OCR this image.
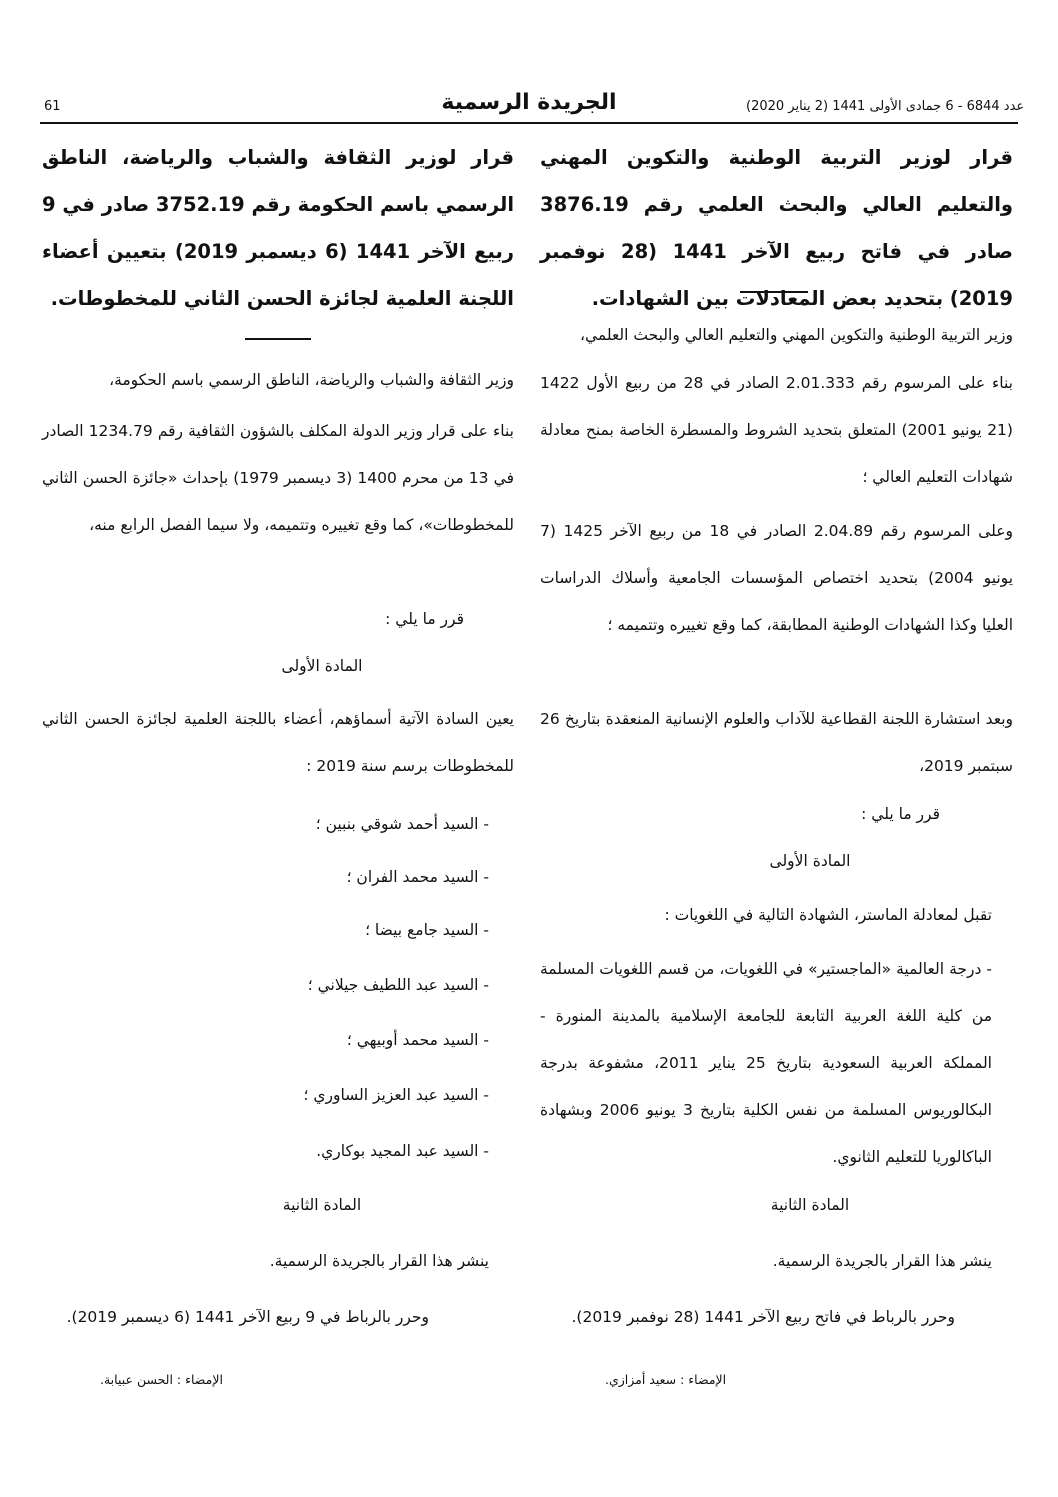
عدد 6844 - 6 جمادى الأولى 1441 (2 يناير 2020)
الجريدة الرسمية
61
قرار لوزير التربية الوطنية والتكوين المهني والتعليم العالي والبحث العلمي رقم 3876.19 صادر في فاتح ربيع الآخر 1441 (28 نوفمبر 2019) بتحديد بعض المعادلات بين الشهادات.
وزير التربية الوطنية والتكوين المهني والتعليم العالي والبحث العلمي،
بناء على المرسوم رقم 2.01.333 الصادر في 28 من ربيع الأول 1422 (21 يونيو 2001) المتعلق بتحديد الشروط والمسطرة الخاصة بمنح معادلة شهادات التعليم العالي ؛
وعلى المرسوم رقم 2.04.89 الصادر في 18 من ربيع الآخر 1425 (7 يونيو 2004) بتحديد اختصاص المؤسسات الجامعية وأسلاك الدراسات العليا وكذا الشهادات الوطنية المطابقة، كما وقع تغييره وتتميمه ؛
وبعد استشارة اللجنة القطاعية للآداب والعلوم الإنسانية المنعقدة بتاريخ 26 سبتمبر 2019،
قرر ما يلي :
المادة الأولى
تقبل لمعادلة الماستر، الشهادة التالية في اللغويات :
- درجة العالمية «الماجستير» في اللغويات، من قسم اللغويات المسلمة من كلية اللغة العربية التابعة للجامعة الإسلامية بالمدينة المنورة - المملكة العربية السعودية بتاريخ 25 يناير 2011، مشفوعة بدرجة البكالوريوس المسلمة من نفس الكلية بتاريخ 3 يونيو 2006 وبشهادة الباكالوريا للتعليم الثانوي.
المادة الثانية
ينشر هذا القرار بالجريدة الرسمية.
وحرر بالرباط في فاتح ربيع الآخر 1441 (28 نوفمبر 2019).
الإمضاء : سعيد أمزازي.
قرار لوزير الثقافة والشباب والرياضة، الناطق الرسمي باسم الحكومة رقم 3752.19 صادر في 9 ربيع الآخر 1441 (6 ديسمبر 2019) بتعيين أعضاء اللجنة العلمية لجائزة الحسن الثاني للمخطوطات.
وزير الثقافة والشباب والرياضة، الناطق الرسمي باسم الحكومة،
بناء على قرار وزير الدولة المكلف بالشؤون الثقافية رقم 1234.79 الصادر في 13 من محرم 1400 (3 ديسمبر 1979) بإحداث «جائزة الحسن الثاني للمخطوطات»، كما وقع تغييره وتتميمه، ولا سيما الفصل الرابع منه،
قرر ما يلي :
المادة الأولى
يعين السادة الآتية أسماؤهم، أعضاء باللجنة العلمية لجائزة الحسن الثاني للمخطوطات برسم سنة 2019 :
- السيد أحمد شوقي بنبين ؛
- السيد محمد الفران ؛
- السيد جامع بيضا ؛
- السيد عبد اللطيف جيلاني ؛
- السيد محمد أوبيهي ؛
- السيد عبد العزيز الساوري ؛
- السيد عبد المجيد بوكاري.
المادة الثانية
ينشر هذا القرار بالجريدة الرسمية.
وحرر بالرباط في 9 ربيع الآخر 1441 (6 ديسمبر 2019).
الإمضاء : الحسن عبيابة.
